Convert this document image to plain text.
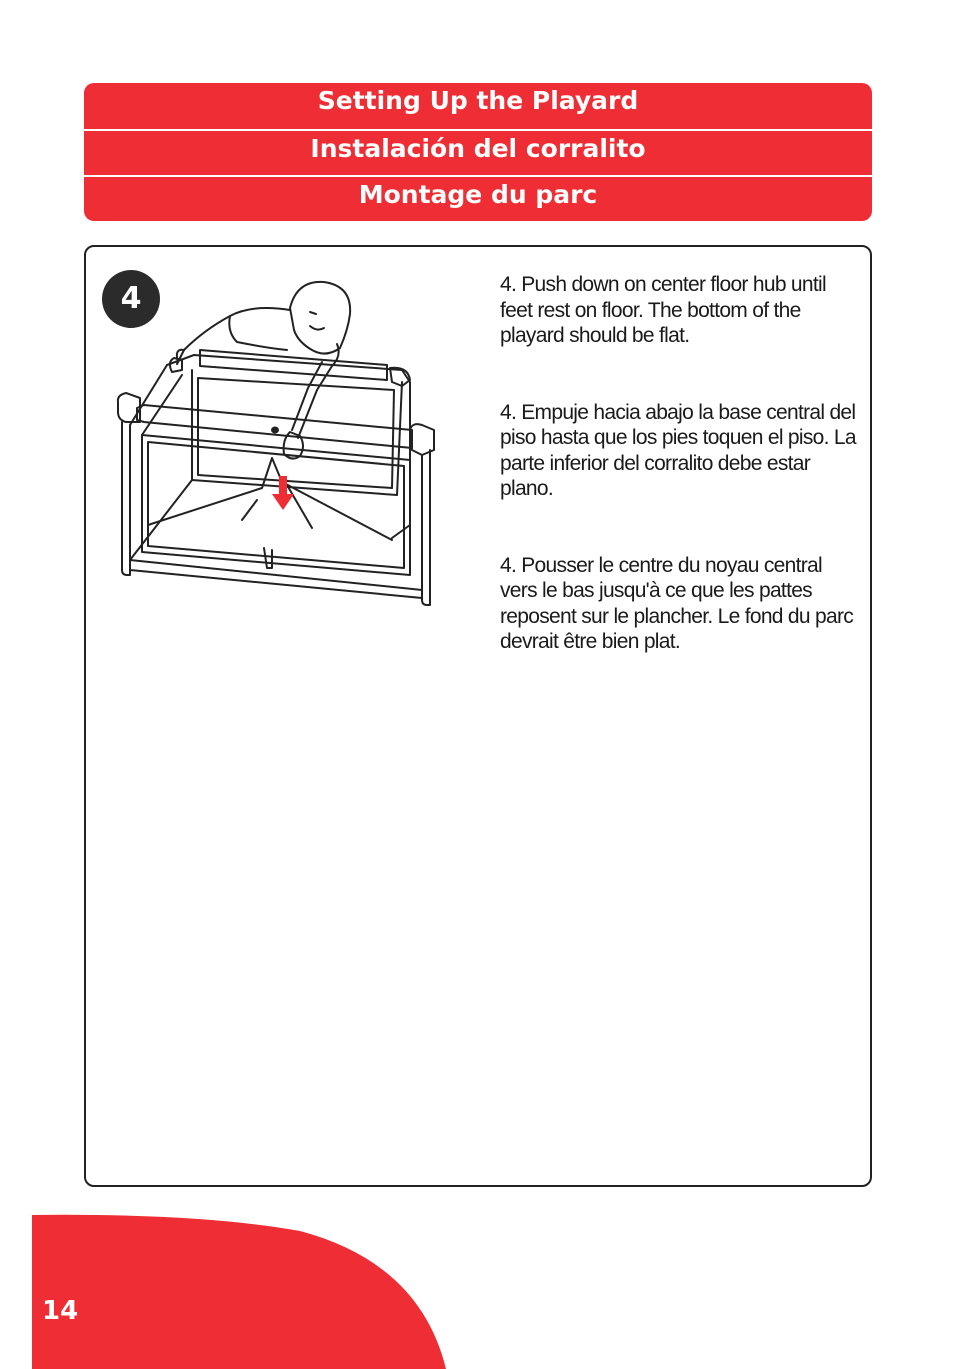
Setting Up the Playard
Instalación del corralito
Montage du parc
4	4. Push down on center floor hub until feet rest on floor. The bottom of the playard should be flat.

4. Empuje hacia abajo la base central del piso hasta que los pies toquen el piso. La parte inferior del corralito debe estar plano.

4. Pousser le centre du noyau central vers le bas jusqu'à ce que les pattes reposent sur le plancher. Le fond du parc devrait être bien plat.

14
